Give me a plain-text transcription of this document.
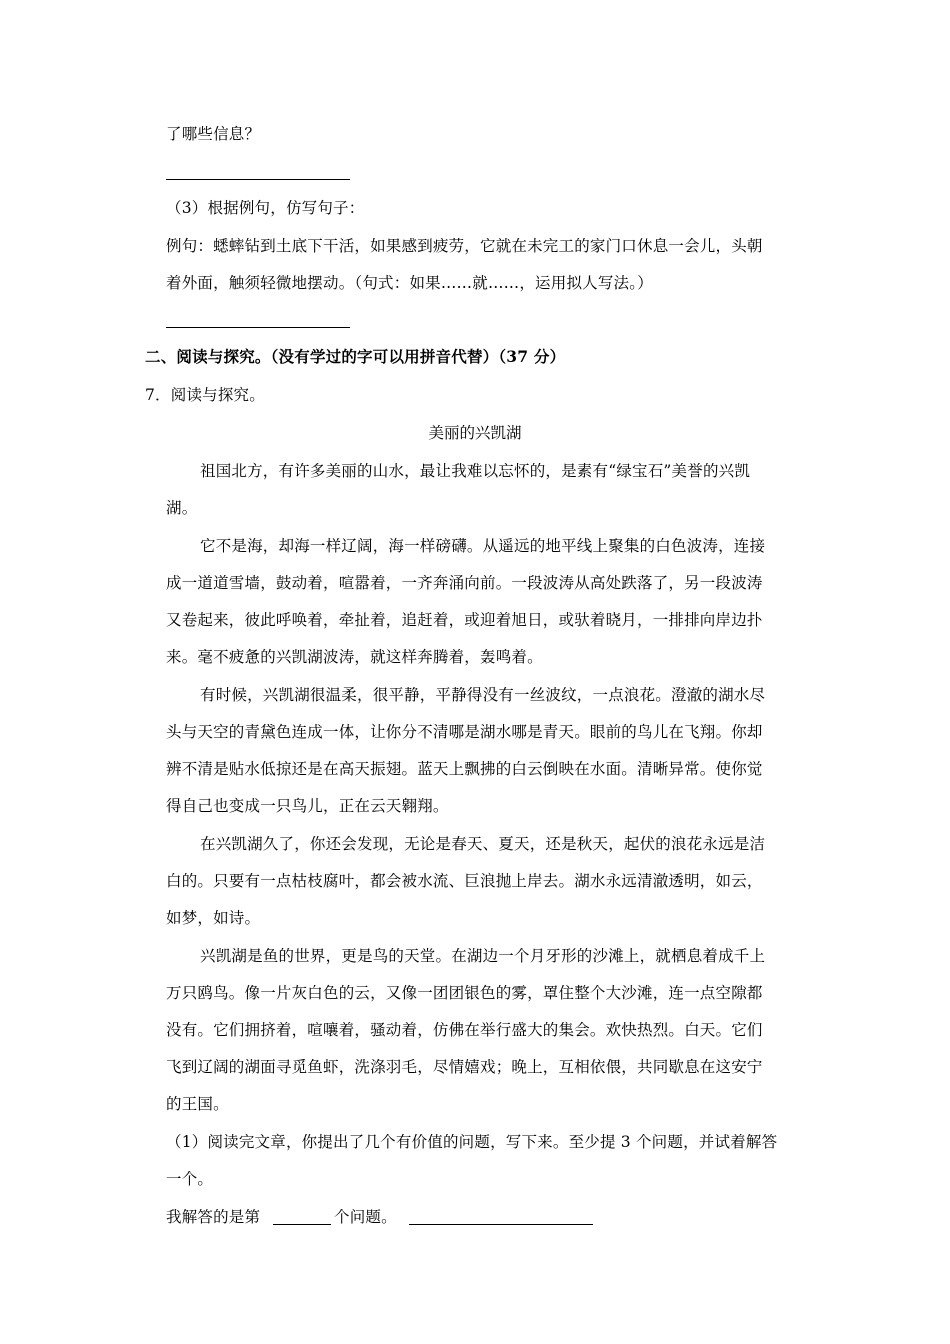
了哪些信息？
（3）根据例句，仿写句子：
例句：蟋蟀钻到土底下干活，如果感到疲劳，它就在未完工的家门口休息一会儿，头朝
着外面，触须轻微地摆动。（句式：如果……就……，运用拟人写法。）
二、阅读与探究。（没有学过的字可以用拼音代替）（37 分）
7．阅读与探究。
美丽的兴凯湖
祖国北方，有许多美丽的山水，最让我难以忘怀的，是素有“绿宝石”美誉的兴凯
湖。
它不是海，却海一样辽阔，海一样磅礴。从遥远的地平线上聚集的白色波涛，连接
成一道道雪墙，鼓动着，喧嚣着，一齐奔涌向前。一段波涛从高处跌落了，另一段波涛
又卷起来，彼此呼唤着，牵扯着，追赶着，或迎着旭日，或驮着晓月，一排排向岸边扑
来。毫不疲惫的兴凯湖波涛，就这样奔腾着，轰鸣着。
有时候，兴凯湖很温柔，很平静，平静得没有一丝波纹，一点浪花。澄澈的湖水尽
头与天空的青黛色连成一体，让你分不清哪是湖水哪是青天。眼前的鸟儿在飞翔。你却
辨不清是贴水低掠还是在高天振翅。蓝天上飘拂的白云倒映在水面。清晰异常。使你觉
得自己也变成一只鸟儿，正在云天翱翔。
在兴凯湖久了，你还会发现，无论是春天、夏天，还是秋天，起伏的浪花永远是洁
白的。只要有一点枯枝腐叶，都会被水流、巨浪抛上岸去。湖水永远清澈透明，如云，
如梦，如诗。
兴凯湖是鱼的世界，更是鸟的天堂。在湖边一个月牙形的沙滩上，就栖息着成千上
万只鸥鸟。像一片灰白色的云，又像一团团银色的雾，罩住整个大沙滩，连一点空隙都
没有。它们拥挤着，喧嚷着，骚动着，仿佛在举行盛大的集会。欢快热烈。白天。它们
飞到辽阔的湖面寻觅鱼虾，洗涤羽毛，尽情嬉戏；晚上，互相依偎，共同歇息在这安宁
的王国。
（1）阅读完文章，你提出了几个有价值的问题，写下来。至少提 3 个问题，并试着解答
一个。
我解答的是第	个问题。
